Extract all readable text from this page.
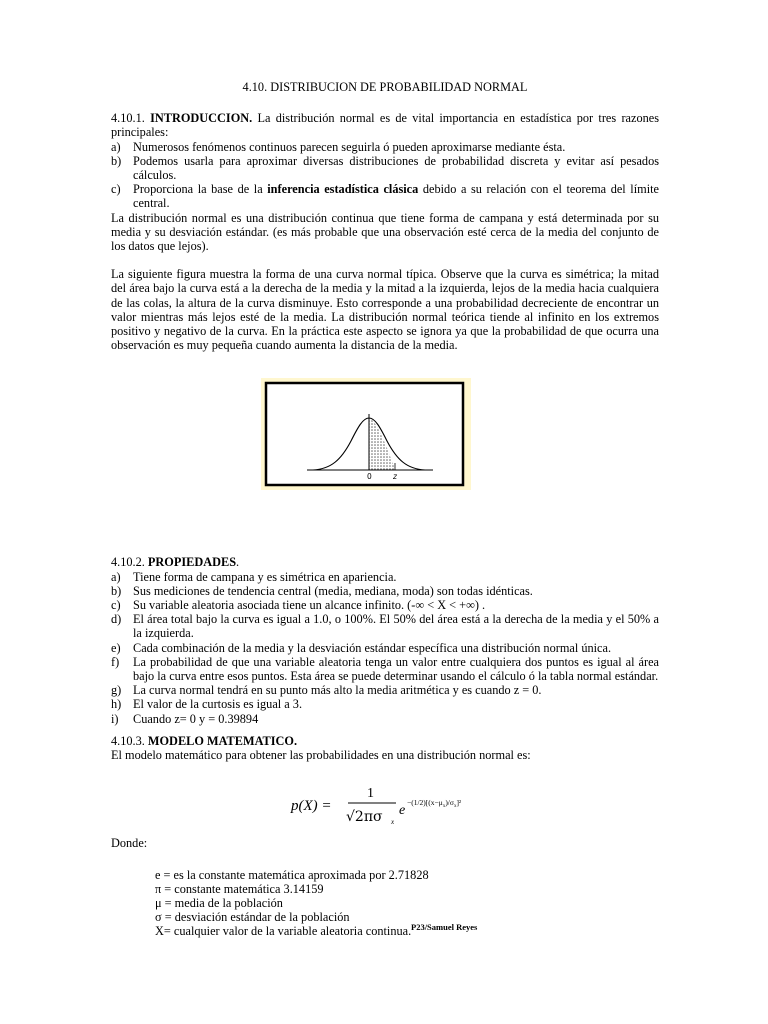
4.10. DISTRIBUCION DE PROBABILIDAD NORMAL

4.10.1. INTRODUCCION. La distribución normal es de vital importancia en estadística por tres razones principales:

a)	Numerosos fenómenos continuos parecen seguirla ó pueden aproximarse mediante ésta.
b) Podemos usarla para aproximar diversas distribuciones de probabilidad discreta y evitar así pesados cálculos.
c)	Proporciona la base de la inferencia estadística clásica debido a su relación con el teorema del límite central.

La distribución normal es una distribución continua que tiene forma de campana y está determinada por su media y su desviación estándar. (es más probable que una observación esté cerca de la media del conjunto de los datos que lejos).

La siguiente figura muestra la forma de una curva normal típica. Observe que la curva es simétrica; la mitad del área bajo la curva está a la derecha de la media y la mitad a la izquierda, lejos de la media hacia cualquiera de las colas, la altura de la curva disminuye. Esto corresponde a una probabilidad decreciente de encontrar un valor mientras más lejos esté de la media. La distribución normal teórica tiende al infinito en los extremos positivo y negativo de la curva. En la práctica este aspecto se ignora ya que la probabilidad de que ocurra una observación es muy pequeña cuando aumenta la distancia de la media.

0	z

4.10.2. PROPIEDADES.

a)	Tiene forma de campana y es simétrica en apariencia.
b) Sus mediciones de tendencia central (media, mediana, moda) son todas idénticas.
c)	Su variable aleatoria asociada tiene un alcance infinito. (-∞ < X < +∞) .
d) El área total bajo la curva es igual a 1.0, o 100%. El 50% del área está a la derecha de la media y el 50% a la izquierda.
e)	Cada combinación de la media y la desviación estándar específica una distribución normal única.
f)	La probabilidad de que una variable aleatoria tenga un valor entre cualquiera dos puntos es igual al área bajo la curva entre esos puntos. Esta área se puede determinar usando el cálculo ó la tabla normal estándar.
g) La curva normal tendrá en su punto más alto la media aritmética y es cuando z = 0.
h) El valor de la curtosis es igual a 3.
i)	Cuando z= 0 y = 0.39894

4.10.3. MODELO MATEMATICO.

El modelo matemático para obtener las probabilidades en una distribución normal es:

p(X) =
1
√2πσ x
e
$-(1/2)[(x-\mu_x)/\sigma_x]^2$

Donde:

e = es la constante matemática aproximada por 2.71828
π = constante matemática 3.14159
μ = media de la población
σ = desviación estándar de la población
X= cualquier valor de la variable aleatoria continua. P23/Samuel Reyes
